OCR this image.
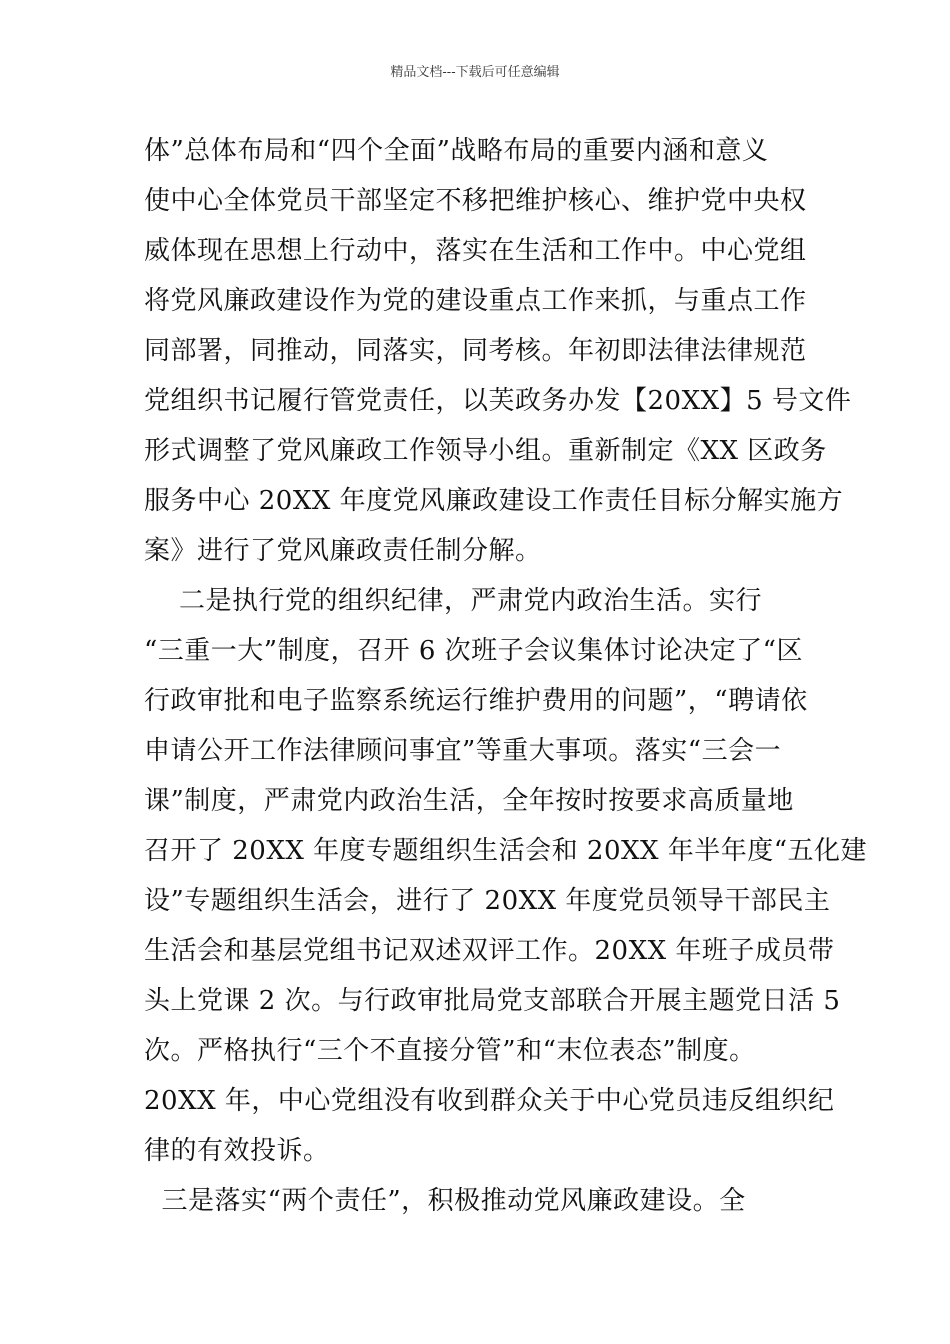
精品文档---下载后可任意编辑
体”总体布局和“四个全面”战略布局的重要内涵和意义
使中心全体党员干部坚定不移把维护核心、维护党中央权
威体现在思想上行动中，落实在生活和工作中。中心党组
将党风廉政建设作为党的建设重点工作来抓，与重点工作
同部署，同推动，同落实，同考核。年初即法律法律规范
党组织书记履行管党责任，以芙政务办发【20XX】5 号文件
形式调整了党风廉政工作领导小组。重新制定《XX 区政务
服务中心 20XX 年度党风廉政建设工作责任目标分解实施方
案》进行了党风廉政责任制分解。
二是执行党的组织纪律，严肃党内政治生活。实行
“三重一大”制度，召开 6 次班子会议集体讨论决定了“区
行政审批和电子监察系统运行维护费用的问题”，“聘请依
申请公开工作法律顾问事宜”等重大事项。落实“三会一
课”制度，严肃党内政治生活，全年按时按要求高质量地
召开了 20XX 年度专题组织生活会和 20XX 年半年度“五化建
设”专题组织生活会，进行了 20XX 年度党员领导干部民主
生活会和基层党组书记双述双评工作。20XX 年班子成员带
头上党课 2 次。与行政审批局党支部联合开展主题党日活 5
次。严格执行“三个不直接分管”和“末位表态”制度。
20XX 年，中心党组没有收到群众关于中心党员违反组织纪
律的有效投诉。
三是落实“两个责任”，积极推动党风廉政建设。全
